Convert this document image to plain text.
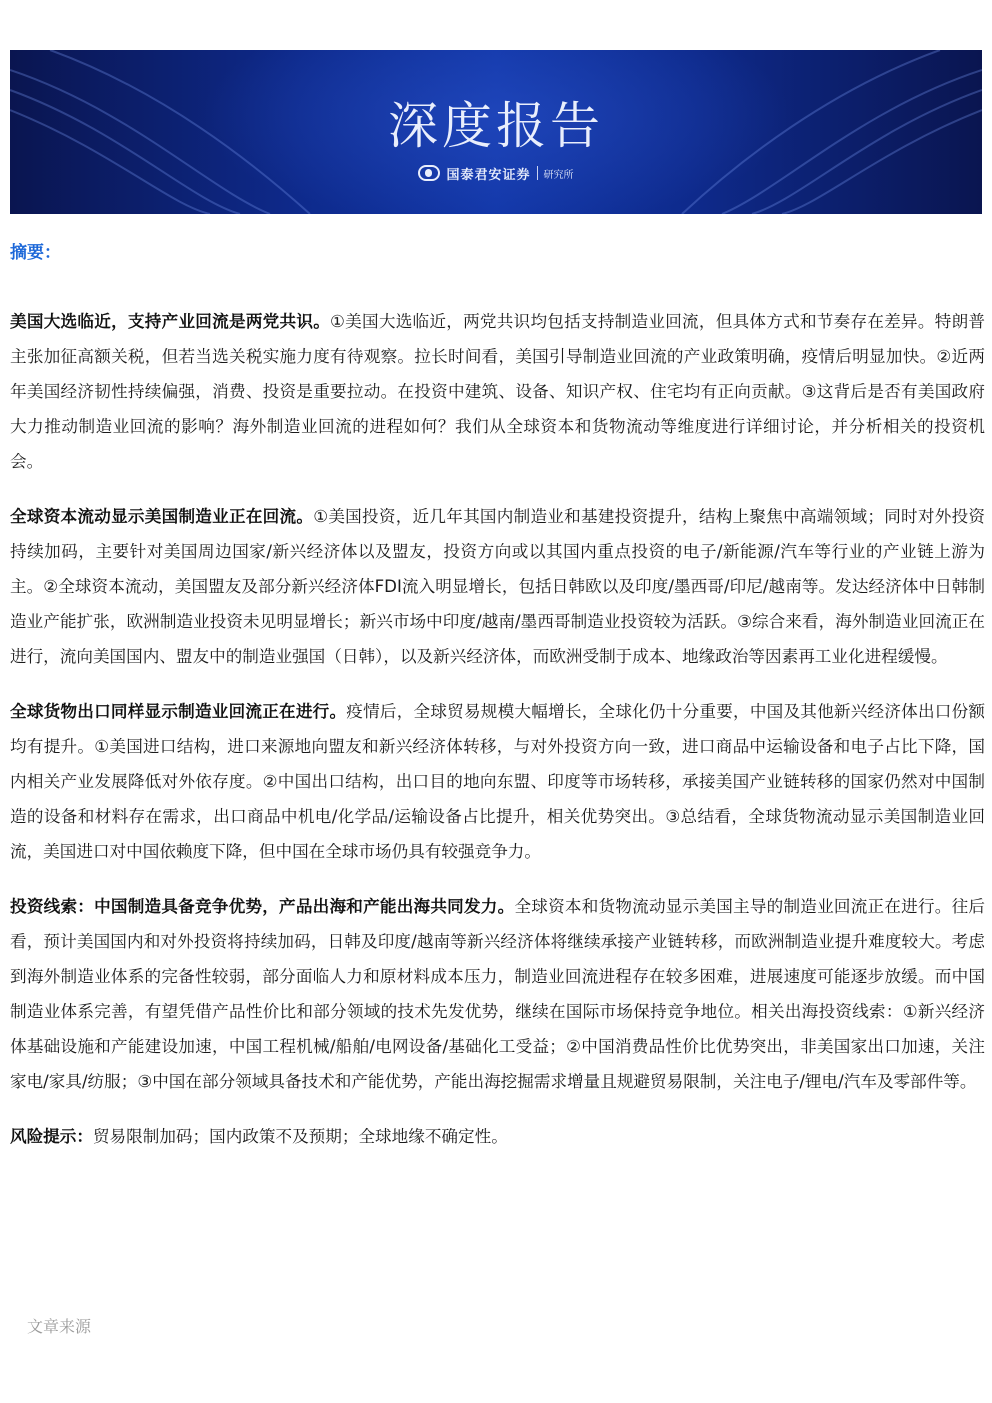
深度报告
国泰君安证券 研究所
摘要：

美国大选临近，支持产业回流是两党共识。①美国大选临近，两党共识均包括支持制造业回流，但具体方式和节奏存在差异。特朗普主张加征高额关税，但若当选关税实施力度有待观察。拉长时间看，美国引导制造业回流的产业政策明确，疫情后明显加快。②近两年美国经济韧性持续偏强，消费、投资是重要拉动。在投资中建筑、设备、知识产权、住宅均有正向贡献。③这背后是否有美国政府大力推动制造业回流的影响？海外制造业回流的进程如何？我们从全球资本和货物流动等维度进行详细讨论，并分析相关的投资机会。

全球资本流动显示美国制造业正在回流。①美国投资，近几年其国内制造业和基建投资提升，结构上聚焦中高端领域；同时对外投资持续加码，主要针对美国周边国家/新兴经济体以及盟友，投资方向或以其国内重点投资的电子/新能源/汽车等行业的产业链上游为主。②全球资本流动，美国盟友及部分新兴经济体FDI流入明显增长，包括日韩欧以及印度/墨西哥/印尼/越南等。发达经济体中日韩制造业产能扩张，欧洲制造业投资未见明显增长；新兴市场中印度/越南/墨西哥制造业投资较为活跃。③综合来看，海外制造业回流正在进行，流向美国国内、盟友中的制造业强国（日韩），以及新兴经济体，而欧洲受制于成本、地缘政治等因素再工业化进程缓慢。

全球货物出口同样显示制造业回流正在进行。疫情后，全球贸易规模大幅增长，全球化仍十分重要，中国及其他新兴经济体出口份额均有提升。①美国进口结构，进口来源地向盟友和新兴经济体转移，与对外投资方向一致，进口商品中运输设备和电子占比下降，国内相关产业发展降低对外依存度。②中国出口结构，出口目的地向东盟、印度等市场转移，承接美国产业链转移的国家仍然对中国制造的设备和材料存在需求，出口商品中机电/化学品/运输设备占比提升，相关优势突出。③总结看，全球货物流动显示美国制造业回流，美国进口对中国依赖度下降，但中国在全球市场仍具有较强竞争力。

投资线索：中国制造具备竞争优势，产品出海和产能出海共同发力。全球资本和货物流动显示美国主导的制造业回流正在进行。往后看，预计美国国内和对外投资将持续加码，日韩及印度/越南等新兴经济体将继续承接产业链转移，而欧洲制造业提升难度较大。考虑到海外制造业体系的完备性较弱，部分面临人力和原材料成本压力，制造业回流进程存在较多困难，进展速度可能逐步放缓。而中国制造业体系完善，有望凭借产品性价比和部分领域的技术先发优势，继续在国际市场保持竞争地位。相关出海投资线索：①新兴经济体基础设施和产能建设加速，中国工程机械/船舶/电网设备/基础化工受益；②中国消费品性价比优势突出，非美国家出口加速，关注家电/家具/纺服；③中国在部分领域具备技术和产能优势，产能出海挖掘需求增量且规避贸易限制，关注电子/锂电/汽车及零部件等。

风险提示：贸易限制加码；国内政策不及预期；全球地缘不确定性。

文章来源
